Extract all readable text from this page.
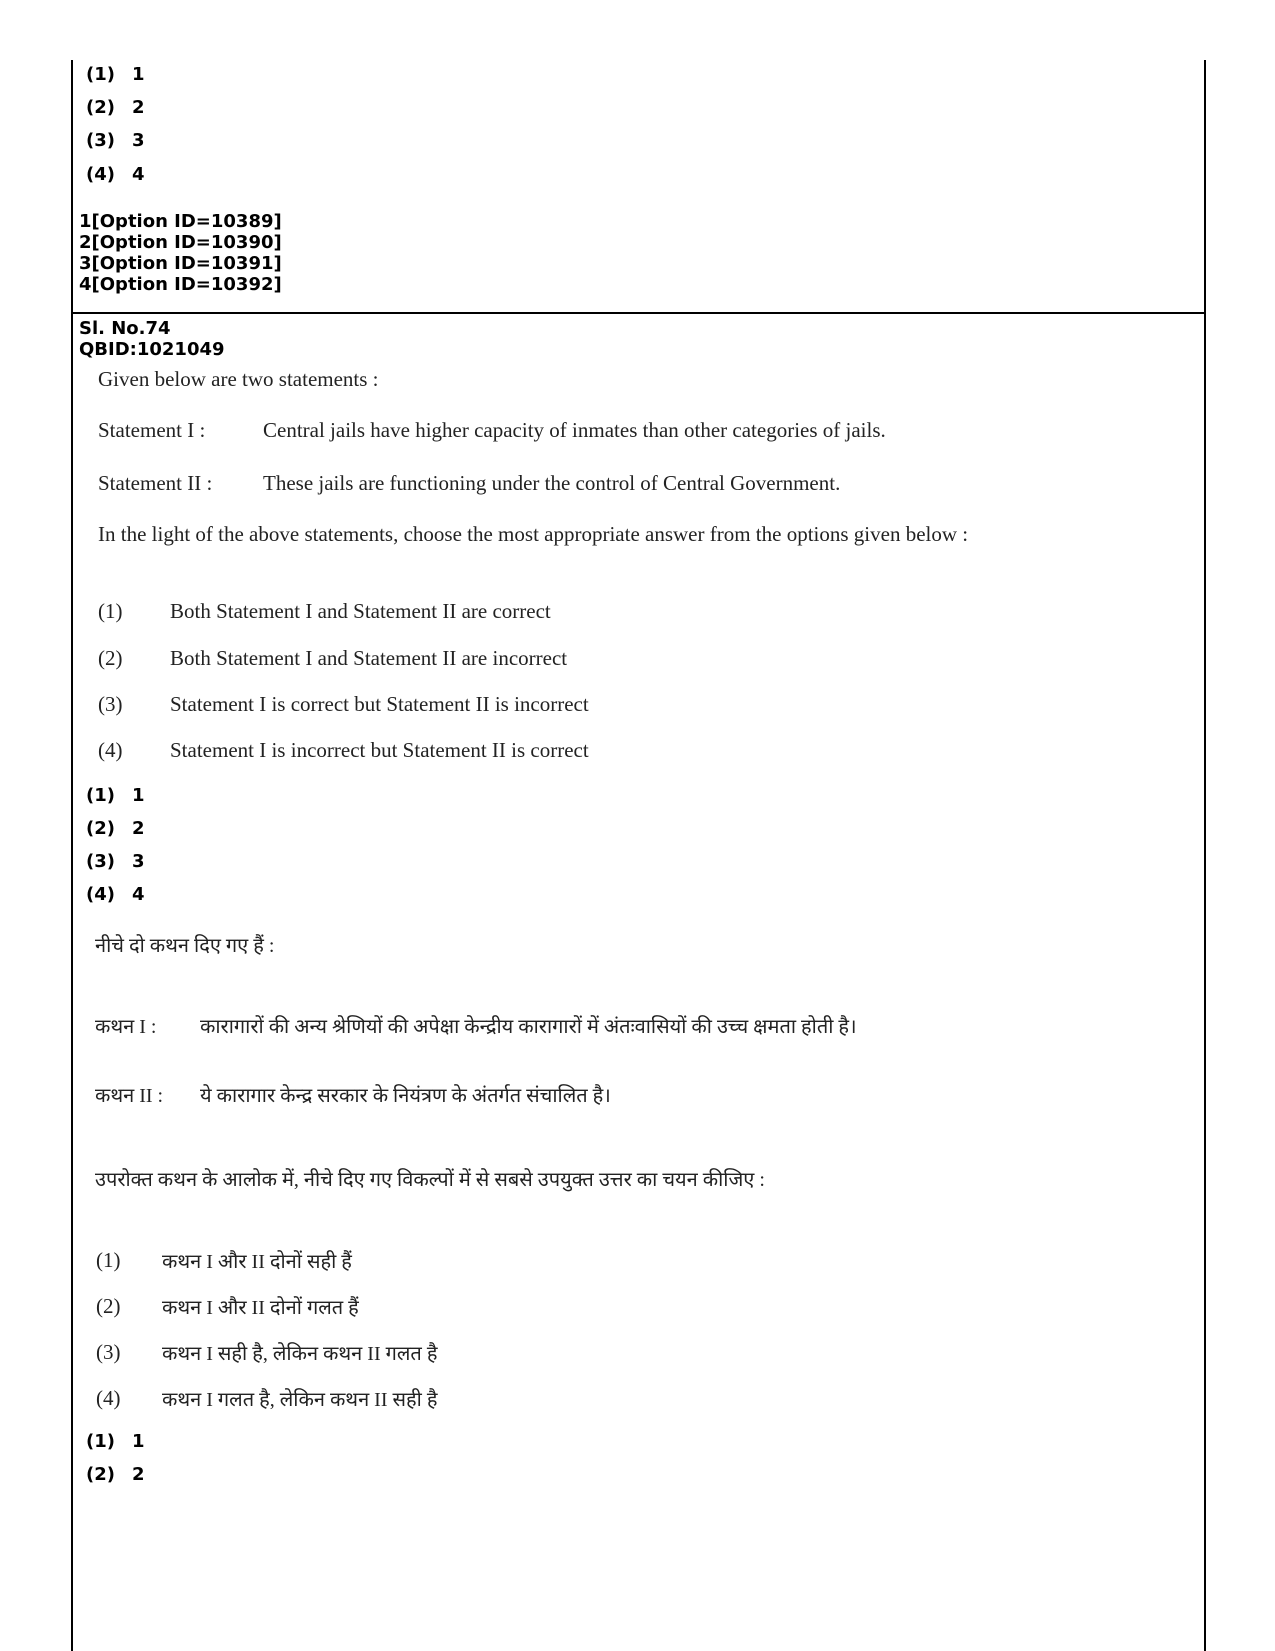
(1) 1
(2) 2
(3) 3
(4) 4
1[Option ID=10389]
2[Option ID=10390]
3[Option ID=10391]
4[Option ID=10392]
Sl. No.74
QBID:1021049
Given below are two statements :
Statement I :	Central jails have higher capacity of inmates than other categories of jails.
Statement II : These jails are functioning under the control of Central Government.
In the light of the above statements, choose the most appropriate answer from the options given below :
(1) Both Statement I and Statement II are correct
(2) Both Statement I and Statement II are incorrect
(3) Statement I is correct but Statement II is incorrect
(4) Statement I is incorrect but Statement II is correct
(1) 1
(2) 2
(3) 3
(4) 4
नीचे दो कथन दिए गए हैं :
कथन I : कारागारों की अन्य श्रेणियों की अपेक्षा केन्द्रीय कारागारों में अंतःवासियों की उच्च क्षमता होती है।
कथन II : ये कारागार केन्द्र सरकार के नियंत्रण के अंतर्गत संचालित है।
उपरोक्त कथन के आलोक में, नीचे दिए गए विकल्पों में से सबसे उपयुक्त उत्तर का चयन कीजिए :
(1) कथन I और II दोनों सही हैं
(2) कथन I और II दोनों गलत हैं
(3) कथन I सही है, लेकिन कथन II गलत है
(4) कथन I गलत है, लेकिन कथन II सही है
(1) 1
(2) 2
